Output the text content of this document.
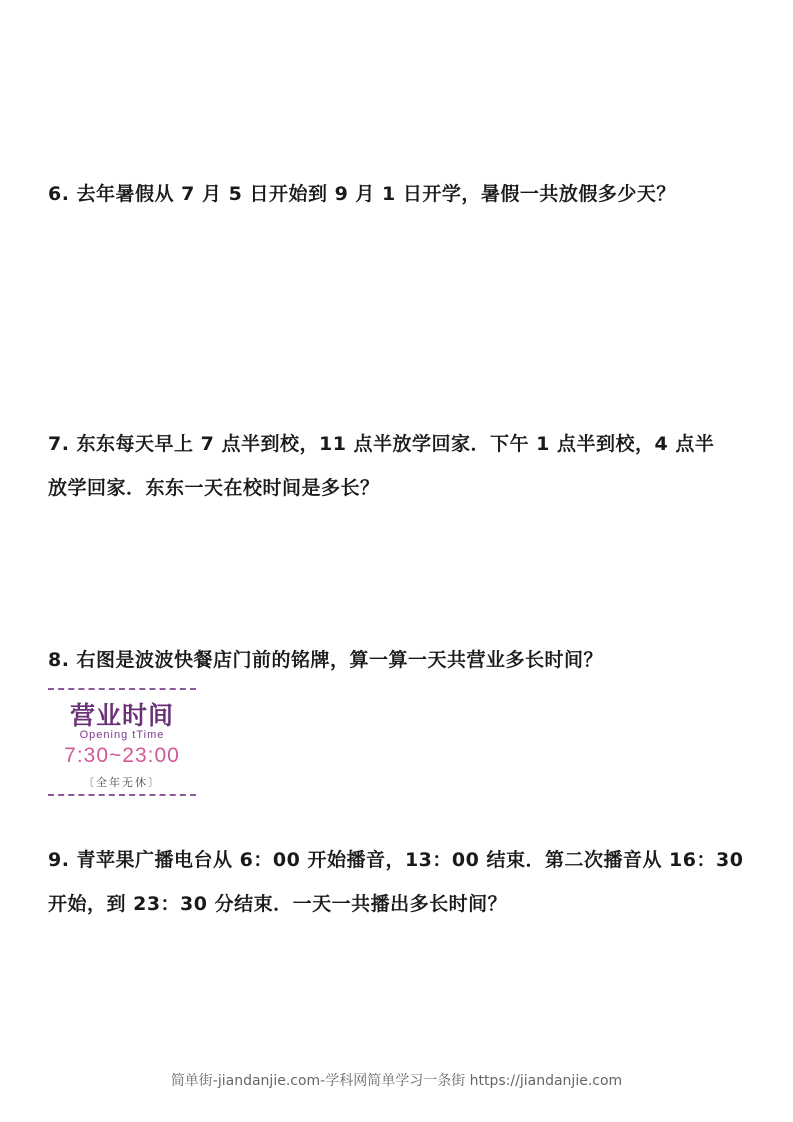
6. 去年暑假从 7 月 5 日开始到 9 月 1 日开学，暑假一共放假多少天？
7. 东东每天早上 7 点半到校，11 点半放学回家．下午 1 点半到校，4 点半
放学回家．东东一天在校时间是多长？
8. 右图是波波快餐店门前的铭牌，算一算一天共营业多长时间？
营业时间
Opening tTime
7:30~23:00
〔全年无休〕
9. 青苹果广播电台从 6：00 开始播音，13：00 结束．第二次播音从 16：30
开始，到 23：30 分结束．一天一共播出多长时间？
简单街-jiandanjie.com-学科网简单学习一条街 https://jiandanjie.com
